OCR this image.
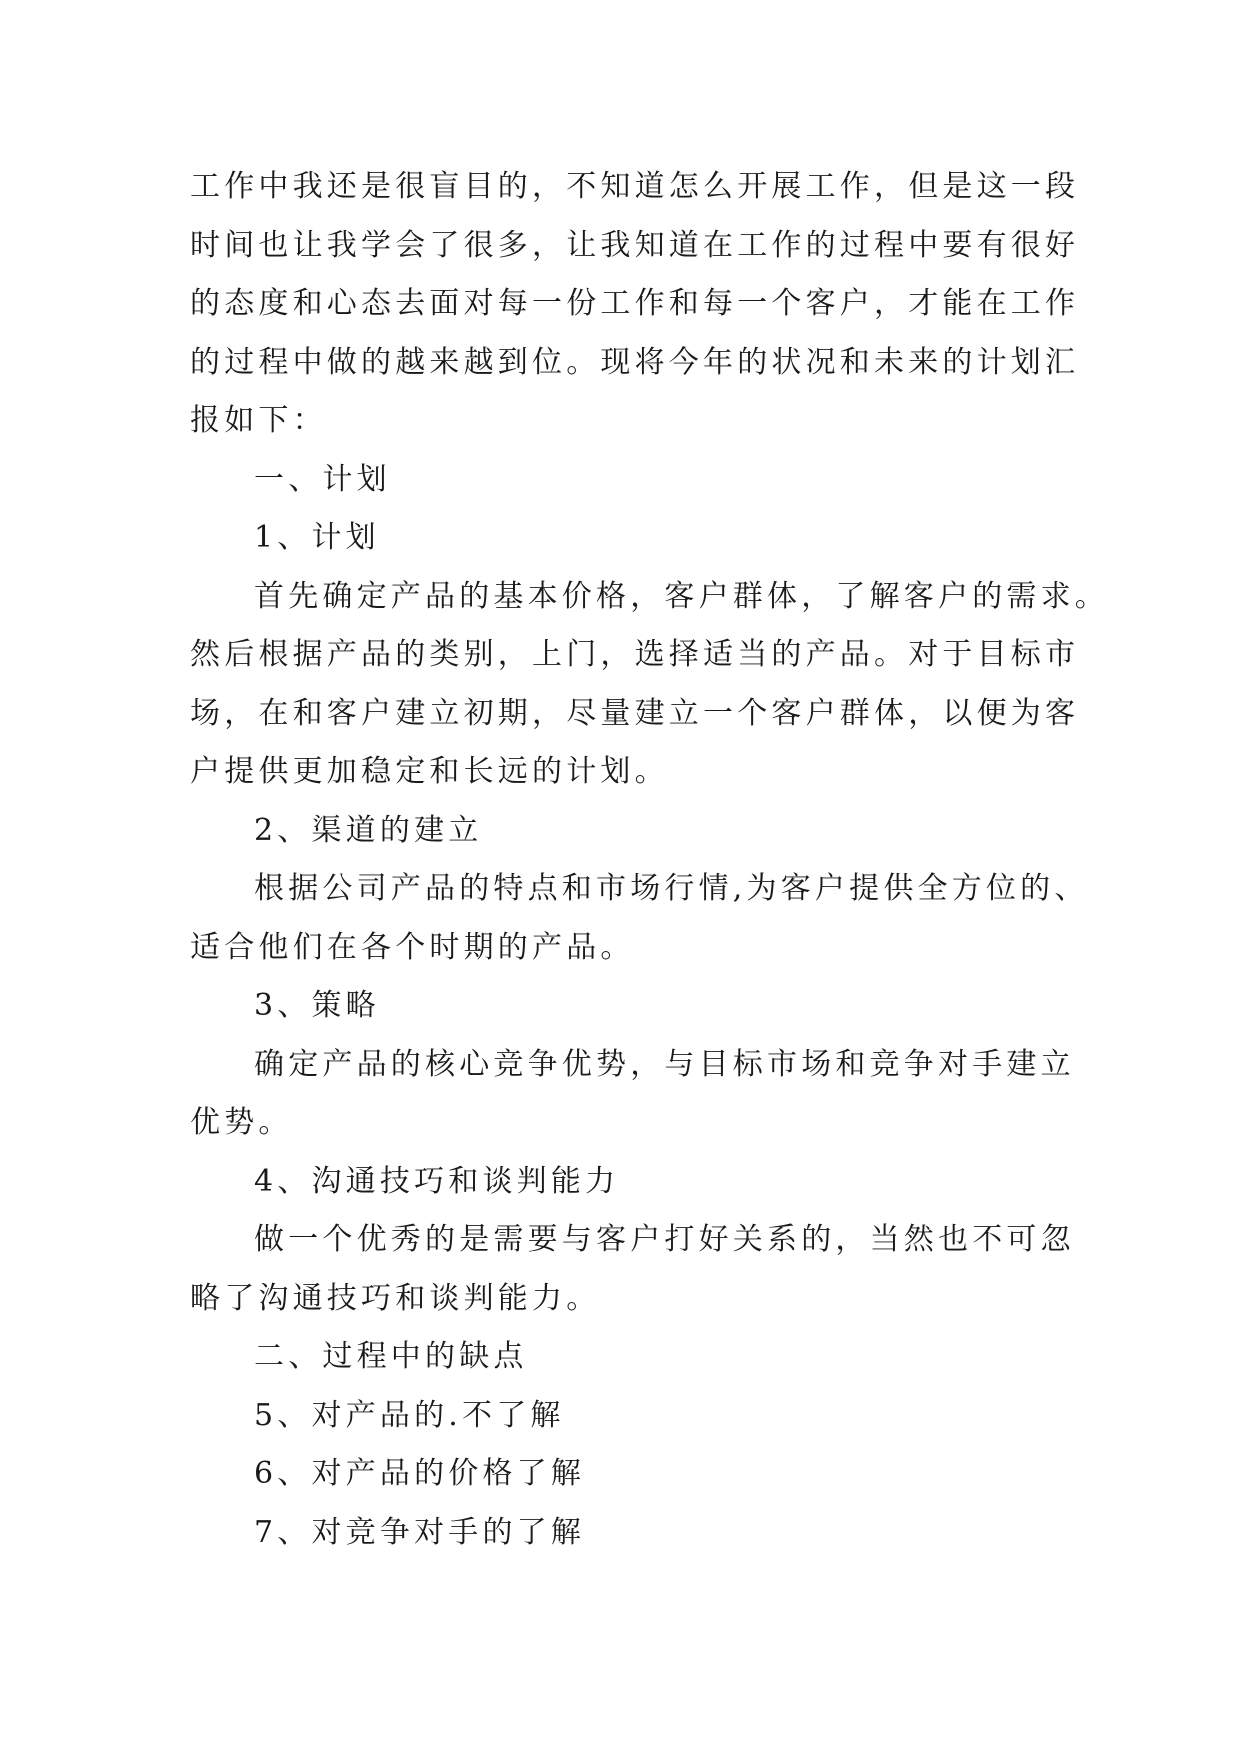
工作中我还是很盲目的，不知道怎么开展工作，但是这一段
时间也让我学会了很多，让我知道在工作的过程中要有很好
的态度和心态去面对每一份工作和每一个客户，才能在工作
的过程中做的越来越到位。现将今年的状况和未来的计划汇
报如下：
一、计划
1、计划
首先确定产品的基本价格，客户群体，了解客户的需求。
然后根据产品的类别，上门，选择适当的产品。对于目标市
场，在和客户建立初期，尽量建立一个客户群体，以便为客
户提供更加稳定和长远的计划。
2、渠道的建立
根据公司产品的特点和市场行情,为客户提供全方位的、
适合他们在各个时期的产品。
3、策略
确定产品的核心竞争优势，与目标市场和竞争对手建立
优势。
4、沟通技巧和谈判能力
做一个优秀的是需要与客户打好关系的，当然也不可忽
略了沟通技巧和谈判能力。
二、过程中的缺点
5、对产品的.不了解
6、对产品的价格了解
7、对竞争对手的了解
